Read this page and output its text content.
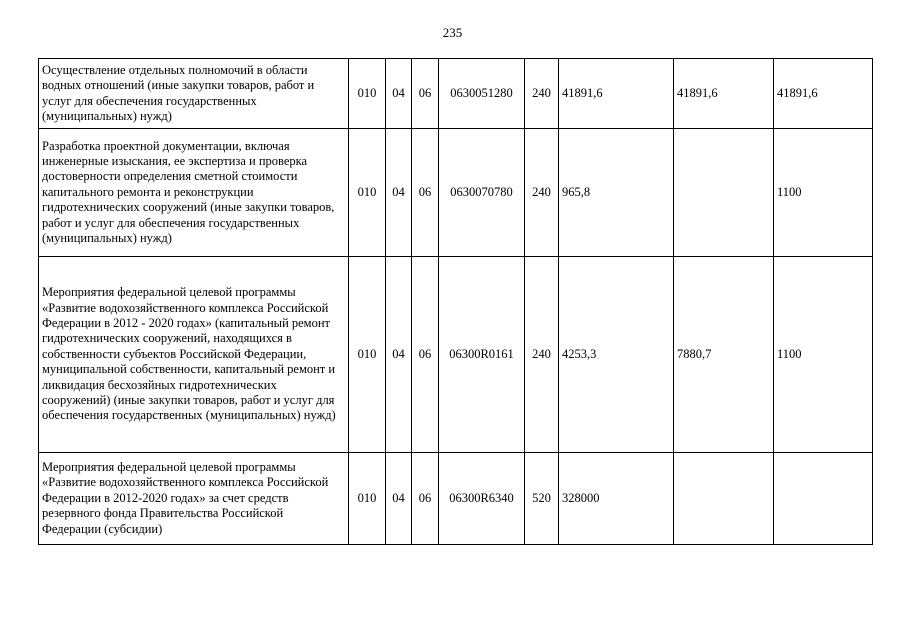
235
Осуществление отдельных полномочий в области водных отношений (иные закупки товаров, работ и услуг для обеспечения государственных (муниципальных) нужд)	010	04	06	0630051280	240	41891,6	41891,6	41891,6
Разработка проектной документации, включая инженерные изыскания, ее экспертиза и проверка достоверности определения сметной стоимости капитального ремонта и реконструкции гидротехнических сооружений (иные закупки товаров, работ и услуг для обеспечения государственных (муниципальных) нужд)	010	04	06	0630070780	240	965,8		1100
Мероприятия федеральной целевой программы «Развитие водохозяйственного комплекса Российской Федерации в 2012 - 2020 годах» (капитальный ремонт гидротехнических сооружений, находящихся в собственности субъектов Российской Федерации, муниципальной собственности, капитальный ремонт и ликвидация бесхозяйных гидротехнических сооружений) (иные закупки товаров, работ и услуг для обеспечения государственных (муниципальных) нужд)	010	04	06	06300R0161	240	4253,3	7880,7	1100
Мероприятия федеральной целевой программы «Развитие водохозяйственного комплекса Российской Федерации в 2012-2020 годах» за счет средств резервного фонда Правительства Российской Федерации (субсидии)	010	04	06	06300R6340	520	328000		
